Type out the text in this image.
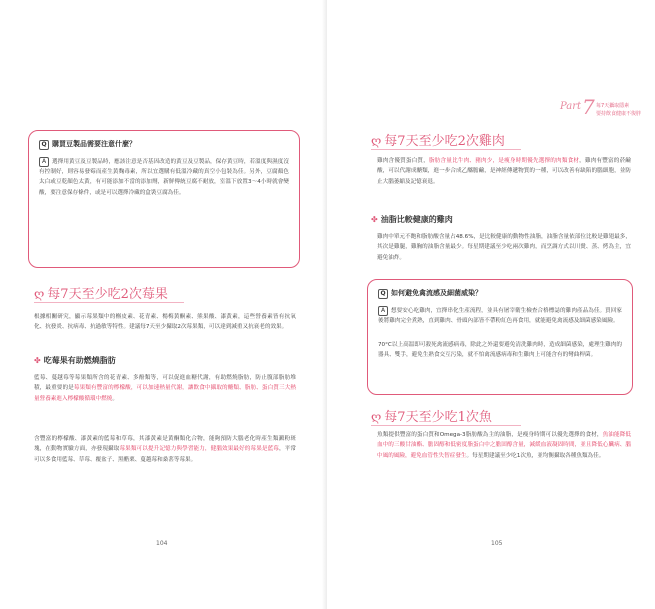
Q 購買豆製品需要注意什麼？
A 選擇用黃豆及豆製品時，應該注意是否基因改造的黃豆及豆製品，保存黃豆時，若溫度與濕度沒有控制好，則容易發霉而產生黃麴毒素，所以宜選購有低溫冷藏的真空小包裝為佳。另外，豆腐顏色太白或豆乾顏色太黃，有可能添加不當的添加劑，新鮮傳統豆腐不耐放，室溫下放置3～4小時就會變酸，要注意保存條件，或是可以選擇冷藏的盒裝豆腐為佳。
ღ 每7天至少吃2次莓果
根據相關研究，顯示莓果類中的槲皮素、花青素、楊梅黃酮素、熊果酸、漆黃素，這些營養素皆有抗氧化、抗發炎、抗病毒、抗過敏等特性。建議每7天至少攝取2次莓果類，可以達到減重又抗衰老的效果。
✤ 吃莓果有助燃燒脂肪
藍莓、蔓越莓等莓果類所含的花青素、多酚類等，可以促進血糖代謝，有助燃燒脂肪，防止腹部脂肪堆積，最重要的是莓果類有豐富的檸檬酸，可以加速熱量代謝，讓飲食中攝取的醣類、脂肪、蛋白質三大熱量營養素進入檸檬酸循環中燃燒。
含豐富的檸檬酸、漆黃素的藍莓和草莓，其漆黃素是黃酮類化合物，能夠預防大腦老化時產生類澱粉斑塊，在動物實驗方面，亦發現攝取莓果類可以提升記憶力與學習能力，健腦效果最好的莓果是藍莓，平常可以多食用藍莓、草莓、覆盆子、黑醋栗、蔓越莓和桑葚等莓果。
104
ღ 每7天至少吃2次雞肉
雞肉含優質蛋白質，脂肪含量比牛肉、豬肉少，是瘦身時期優先選擇的肉類食材，雞肉有豐富的菸鹼酸，可以代謝成醣類，進一步合成乙醯膽鹼，是神經傳遞物質的一種，可以改善有缺陷的腦細胞，並防止大腦萎縮及記憶衰退。
✤ 油脂比較健康的雞肉
雞肉中單元不飽和脂肪酸含量占48.6%，是比較健康的動物性油脂，油脂含量依部位比較是雞翅最多，其次是雞腿，雞胸的油脂含量最少。每星期建議至少吃兩次雞肉，而烹調方式以川燙、蒸、烤為主，宜避免油炸。
Q 如何避免禽流感及細菌威染？
A 想要安心吃雞肉，宜擇串化生產流程，並具有屠宰衛生檢查合格標誌的雞肉產品為佳。買回家後將雞肉完全煮熟，直到雞肉、骨頭內部皆不帶粉紅色再食用，就能避免禽流感及細菌感染風險。
70°C以上高溫即可殺死禽流感病毒，除此之外還要避免清洗雞肉時，造成細菌感染，處理生雞肉的器具、雙手，避免生熟食交互污染，就不怕禽流感病毒和生雞肉上可能含有的彎曲桿菌。
ღ 每7天至少吃1次魚
魚類提供豐富的蛋白質和Omega-3脂肪酸為主的油脂，是瘦身時期可以優先選擇的食材，魚油能降低血中的三酸甘油酯、膽固醇和低密度脂蛋白中之膽固醇含量，減緩血液凝固時間，並且降低心臟病、腦中風的風險，避免血管性失智症發生。每星期建議至少吃1次魚，並均衡攝取各種魚類為佳。
105
Part 7 每7天攝取隱素
要持飲食健康不復胖
